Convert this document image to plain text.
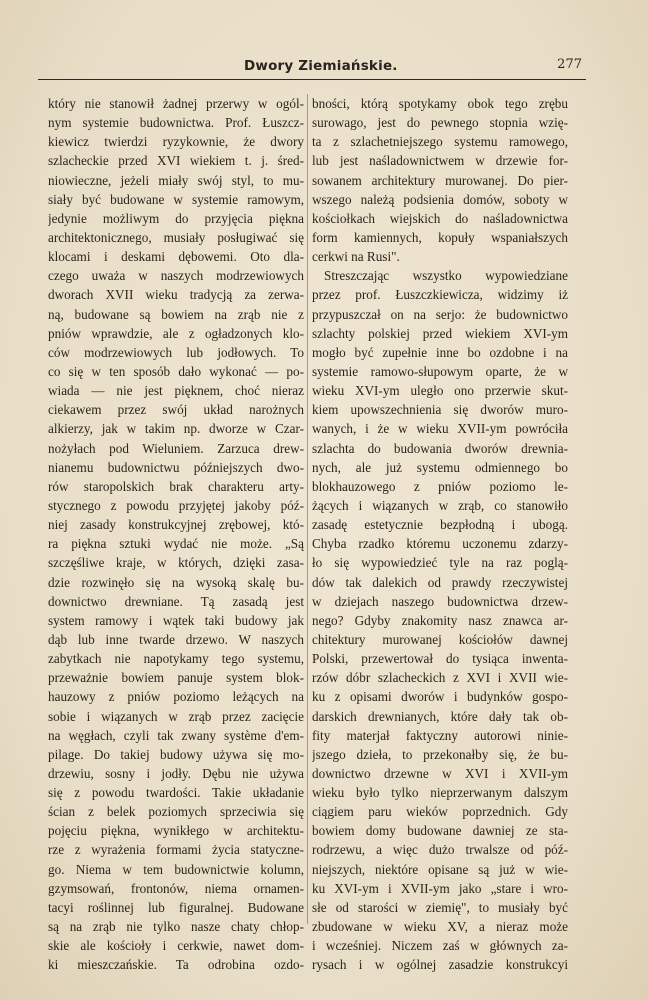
Dwory Ziemiańskie.	277
który nie stanowił żadnej przerwy w ogól-
nym systemie budownictwa. Prof. Łuszcz-
kiewicz twierdzi ryzykownie, że dwory
szlacheckie przed XVI wiekiem t. j. śred-
niowieczne, jeżeli miały swój styl, to mu-
siały być budowane w systemie ramowym,
jedynie możliwym do przyjęcia piękna
architektonicznego, musiały posługiwać się
klocami i deskami dębowemi. Oto dla-
czego uważa w naszych modrzewiowych
dworach XVII wieku tradycją za zerwa-
ną, budowane są bowiem na zrąb nie z
pniów wprawdzie, ale z ogładzonych klo-
ców modrzewiowych lub jodłowych. To
co się w ten sposób dało wykonać — po-
wiada — nie jest pięknem, choć nieraz
ciekawem przez swój układ narożnych
alkierzy, jak w takim np. dworze w Czar-
nożyłach pod Wieluniem. Zarzuca drew-
nianemu budownictwu późniejszych dwo-
rów staropolskich brak charakteru arty-
stycznego z powodu przyjętej jakoby póź-
niej zasady konstrukcyjnej zrębowej, któ-
ra piękna sztuki wydać nie może. „Są
szczęśliwe kraje, w których, dzięki zasa-
dzie rozwinęło się na wysoką skalę bu-
downictwo drewniane. Tą zasadą jest
system ramowy i wątek taki budowy jak
dąb lub inne twarde drzewo. W naszych
zabytkach nie napotykamy tego systemu,
przeważnie bowiem panuje system blok-
hauzowy z pniów poziomo leżących na
sobie i wiązanych w zrąb przez zacięcie
na węgłach, czyli tak zwany système d'em-
pilage. Do takiej budowy używa się mo-
drzewiu, sosny i jodły. Dębu nie używa
się z powodu twardości. Takie układanie
ścian z belek poziomych sprzeciwia się
pojęciu piękna, wynikłego w architektu-
rze z wyrażenia formami życia statyczne-
go. Niema w tem budownictwie kolumn,
gzymsowań, frontonów, niema ornamen-
tacyi roślinnej lub figuralnej. Budowane
są na zrąb nie tylko nasze chaty chłop-
skie ale kościoły i cerkwie, nawet dom-
ki mieszczańskie. Ta odrobina ozdo-
bności, którą spotykamy obok tego zrębu
surowago, jest do pewnego stopnia wzię-
ta z szlachetniejszego systemu ramowego,
lub jest naśladownictwem w drzewie for-
sowanem architektury murowanej. Do pier-
wszego należą podsienia domów, soboty w
kościołkach wiejskich do naśladownictwa
form kamiennych, kopuły wspaniałszych
cerkwi na Rusi".
Streszczając wszystko wypowiedziane
przez prof. Łuszczkiewicza, widzimy iż
przypuszczał on na serjo: że budownictwo
szlachty polskiej przed wiekiem XVI-ym
mogło być zupełnie inne bo ozdobne i na
systemie ramowo-słupowym oparte, że w
wieku XVI-ym uległo ono przerwie skut-
kiem upowszechnienia się dworów muro-
wanych, i że w wieku XVII-ym powróciła
szlachta do budowania dworów drewnia-
nych, ale już systemu odmiennego bo
blokhauzowego z pniów poziomo le-
żących i wiązanych w zrąb, co stanowiło
zasadę estetycznie bezpłodną i ubogą.
Chyba rzadko któremu uczonemu zdarzy-
ło się wypowiedzieć tyle na raz poglą-
dów tak dalekich od prawdy rzeczywistej
w dziejach naszego budownictwa drzew-
nego? Gdyby znakomity nasz znawca ar-
chitektury murowanej kościołów dawnej
Polski, przewertował do tysiąca inwenta-
rzów dóbr szlacheckich z XVI i XVII wie-
ku z opisami dworów i budynków gospo-
darskich drewnianych, które dały tak ob-
fity materjał faktyczny autorowi ninie-
jszego dzieła, to przekonałby się, że bu-
downictwo drzewne w XVI i XVII-ym
wieku było tylko nieprzerwanym dalszym
ciągiem paru wieków poprzednich. Gdy
bowiem domy budowane dawniej ze sta-
rodrzewu, a więc dużo trwalsze od póź-
niejszych, niektóre opisane są już w wie-
ku XVI-ym i XVII-ym jako „stare i wro-
słe od starości w ziemię", to musiały być
zbudowane w wieku XV, a nieraz może
i wcześniej. Niczem zaś w głównych za-
rysach i w ogólnej zasadzie konstrukcyi
